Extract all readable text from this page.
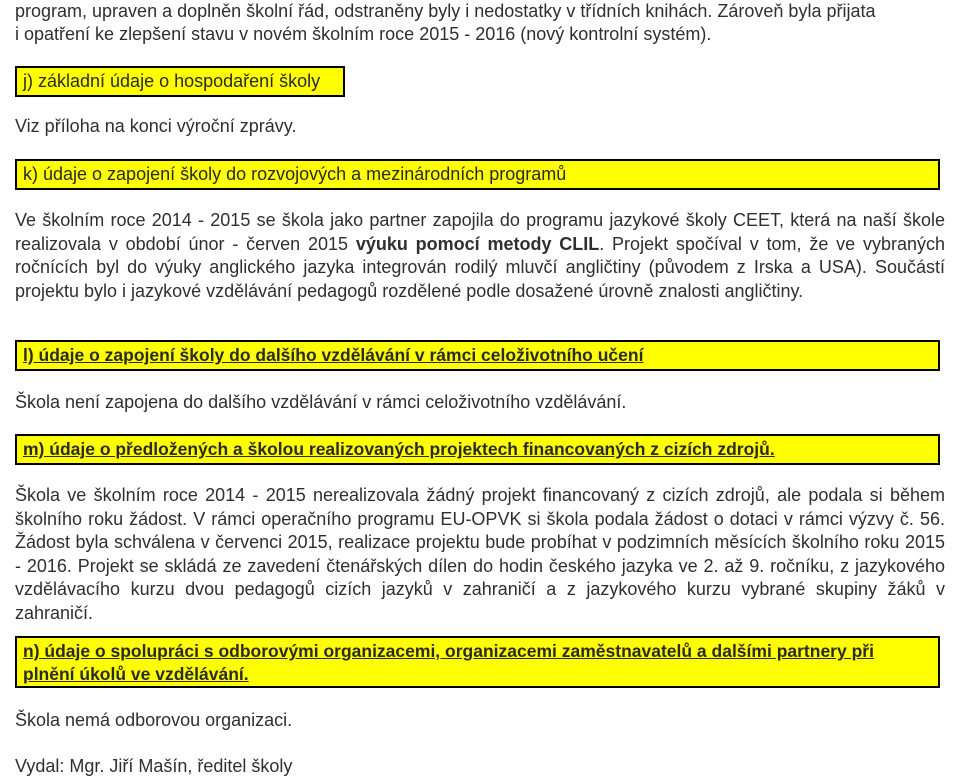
program, upraven a doplněn školní řád, odstraněny byly i nedostatky v třídních knihách. Zároveň byla přijata

i opatření ke zlepšení stavu v novém školním roce 2015 - 2016 (nový kontrolní systém).

j) základní údaje o hospodaření školy

Viz příloha na konci výroční zprávy.

k) údaje o zapojení školy do rozvojových a mezinárodních programů

Ve školním roce 2014 - 2015 se škola jako partner zapojila do programu jazykové školy CEET, která na naší škole realizovala v období únor - červen 2015 výuku pomocí metody CLIL. Projekt spočíval v tom, že ve vybraných ročnících byl do výuky anglického jazyka integrován rodilý mluvčí angličtiny (původem z Irska a USA). Součástí projektu bylo i jazykové vzdělávání pedagogů rozdělené podle dosažené úrovně znalosti angličtiny.

l) údaje o zapojení školy do dalšího vzdělávání v rámci celoživotního učení

Škola není zapojena do dalšího vzdělávání v rámci celoživotního vzdělávání.

m) údaje o předložených a školou realizovaných projektech financovaných z cizích zdrojů.

Škola ve školním roce 2014 - 2015 nerealizovala žádný projekt financovaný z cizích zdrojů, ale podala si během školního roku žádost. V rámci operačního programu EU-OPVK si škola podala žádost o dotaci v rámci výzvy č. 56. Žádost byla schválena v červenci 2015, realizace projektu bude probíhat v podzimních měsících školního roku 2015 - 2016. Projekt se skládá ze zavedení čtenářských dílen do hodin českého jazyka ve 2. až 9. ročníku, z jazykového vzdělávacího kurzu dvou pedagogů cizích jazyků v zahraničí a z jazykového kurzu vybrané skupiny žáků v zahraničí.

n) údaje o spolupráci s odborovými organizacemi, organizacemi zaměstnavatelů a dalšími partnery při
plnění úkolů ve vzdělávání.

Škola nemá odborovou organizaci.

Vydal: Mgr. Jiří Mašín, ředitel školy
